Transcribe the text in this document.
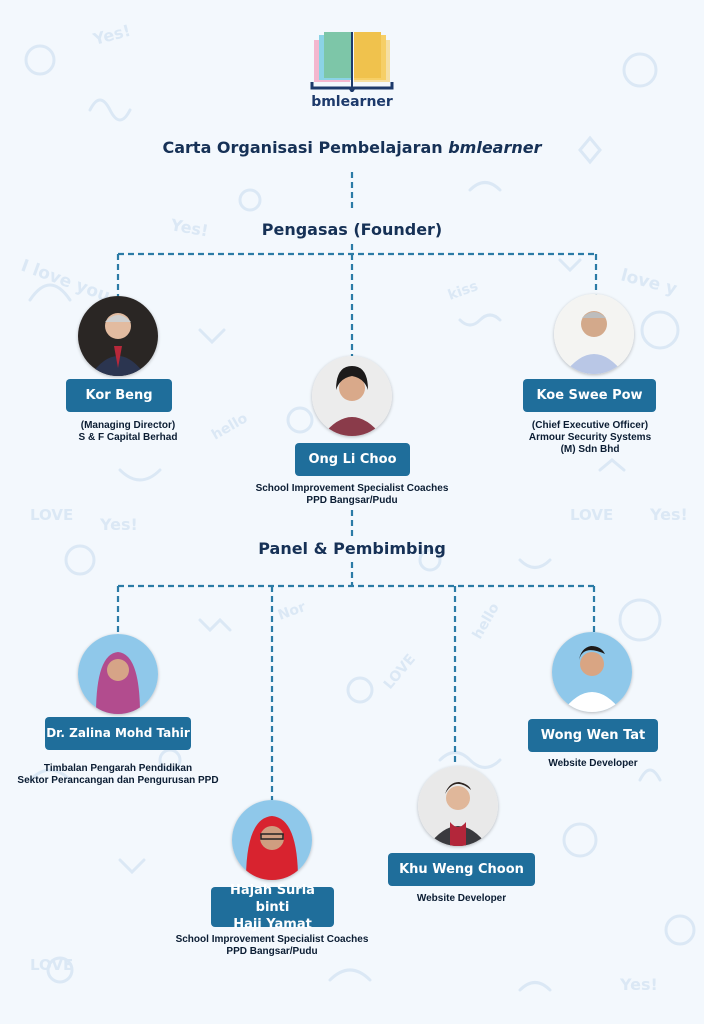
Yes!
LOVE
I love you
hello
kiss
Yes!
Yes!	LOVE Yes!
hello
LOVE
love y
Nor
LOVE
Yes!
bmlearner
Carta Organisasi Pembelajaran bmlearner
Pengasas (Founder)
Panel & Pembimbing
Kor Beng
(Managing Director)
S & F Capital Berhad
Ong Li Choo
School Improvement Specialist Coaches
PPD Bangsar/Pudu
Koe Swee Pow
(Chief Executive Officer)
Armour Security Systems
(M) Sdn Bhd
Dr. Zalina Mohd Tahir
Timbalan Pengarah Pendidikan
Sektor Perancangan dan Pengurusan PPD
Hajah Suria binti
Haji Yamat
School Improvement Specialist Coaches
PPD Bangsar/Pudu
Khu Weng Choon
Website Developer
Wong Wen Tat
Website Developer
